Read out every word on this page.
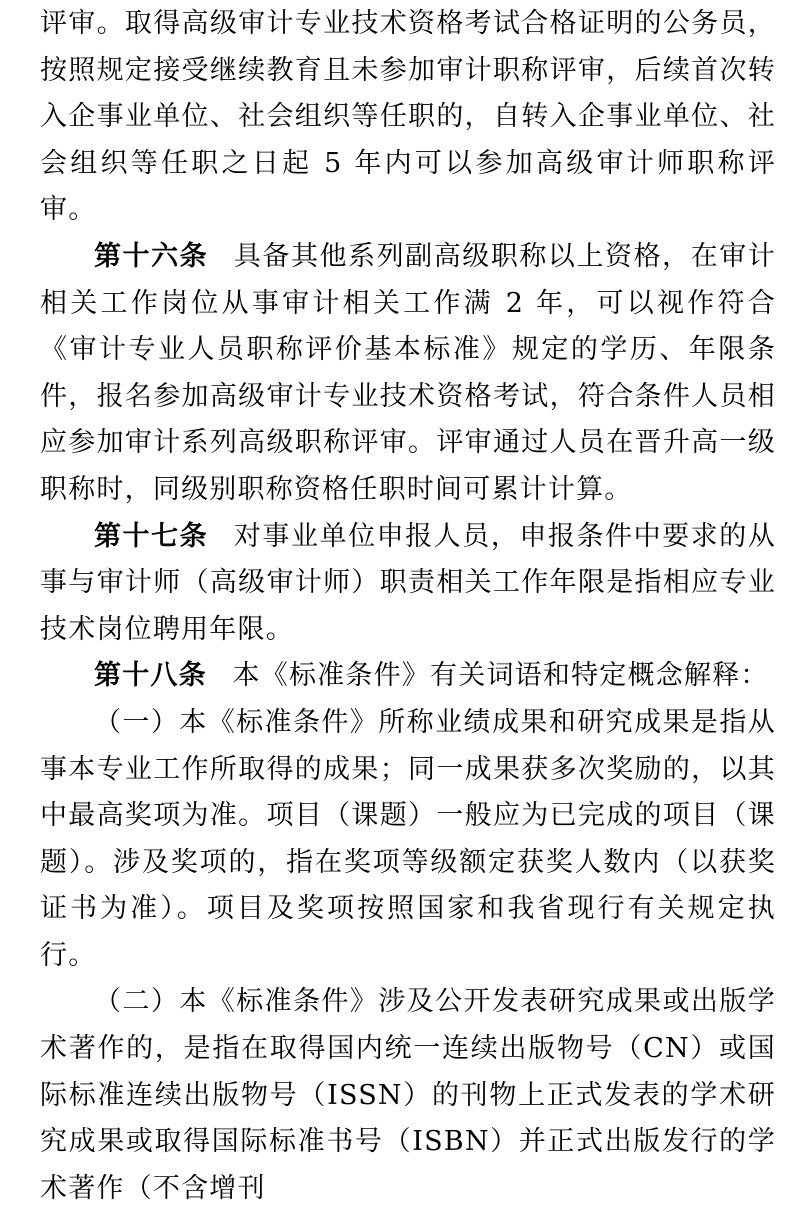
评审。取得高级审计专业技术资格考试合格证明的公务员，按照规定接受继续教育且未参加审计职称评审，后续首次转入企事业单位、社会组织等任职的，自转入企事业单位、社会组织等任职之日起 5 年内可以参加高级审计师职称评审。

第十六条 具备其他系列副高级职称以上资格，在审计相关工作岗位从事审计相关工作满 2 年，可以视作符合《审计专业人员职称评价基本标准》规定的学历、年限条件，报名参加高级审计专业技术资格考试，符合条件人员相应参加审计系列高级职称评审。评审通过人员在晋升高一级职称时，同级别职称资格任职时间可累计计算。

第十七条 对事业单位申报人员，申报条件中要求的从事与审计师（高级审计师）职责相关工作年限是指相应专业技术岗位聘用年限。

第十八条 本《标准条件》有关词语和特定概念解释：

（一）本《标准条件》所称业绩成果和研究成果是指从事本专业工作所取得的成果；同一成果获多次奖励的，以其中最高奖项为准。项目（课题）一般应为已完成的项目（课题）。涉及奖项的，指在奖项等级额定获奖人数内（以获奖证书为准）。项目及奖项按照国家和我省现行有关规定执行。

（二）本《标准条件》涉及公开发表研究成果或出版学术著作的，是指在取得国内统一连续出版物号（CN）或国际标准连续出版物号（ISSN）的刊物上正式发表的学术研究成果或取得国际标准书号（ISBN）并正式出版发行的学术著作（不含增刊
